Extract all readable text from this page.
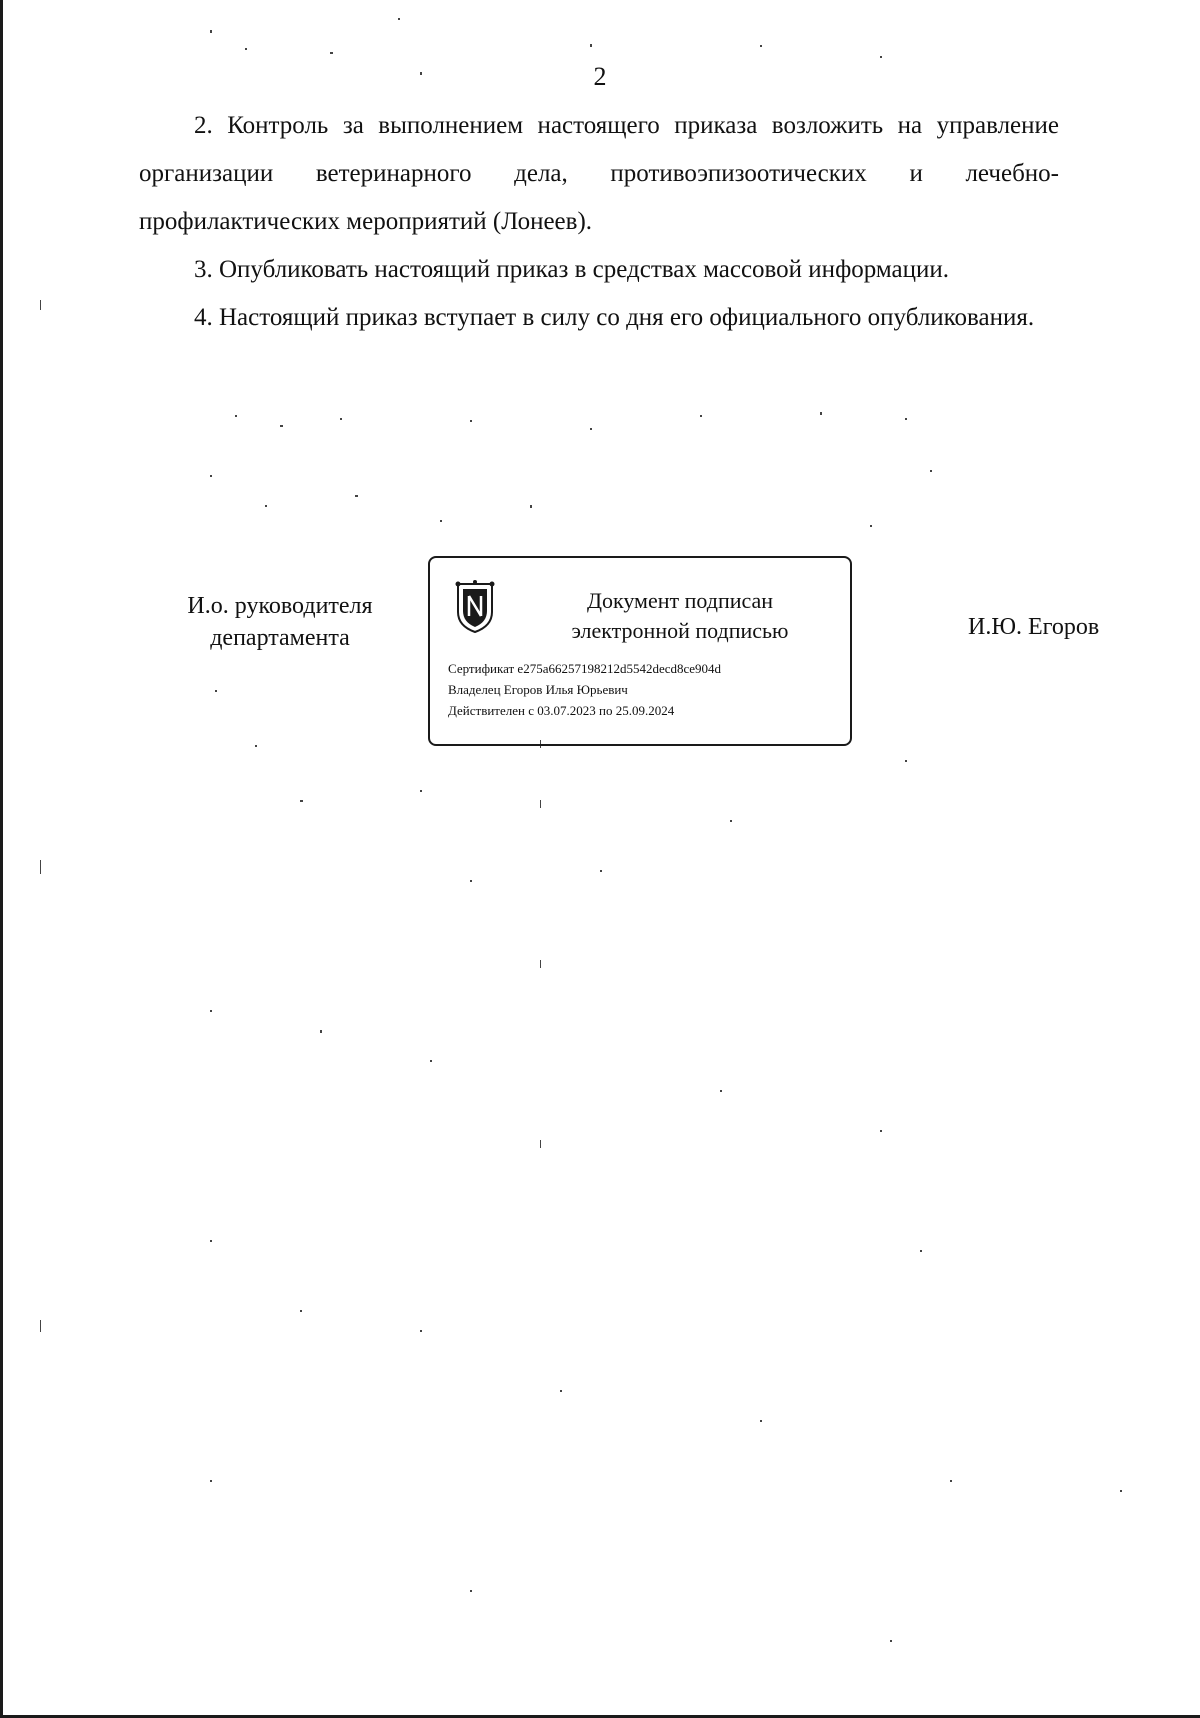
2

2. Контроль за выполнением настоящего приказа возложить на управление организации ветеринарного дела, противоэпизоотических и лечебно-профилактических мероприятий (Лонеев).

3. Опубликовать настоящий приказ в средствах массовой информации.

4. Настоящий приказ вступает в силу со дня его официального опубликования.

И.о. руководителя
департамента
Документ подписан
электронной подписью
Сертификат e275a66257198212d5542decd8ce904d
Владелец Егоров Илья Юрьевич
Действителен с 03.07.2023 по 25.09.2024
И.Ю. Егоров
